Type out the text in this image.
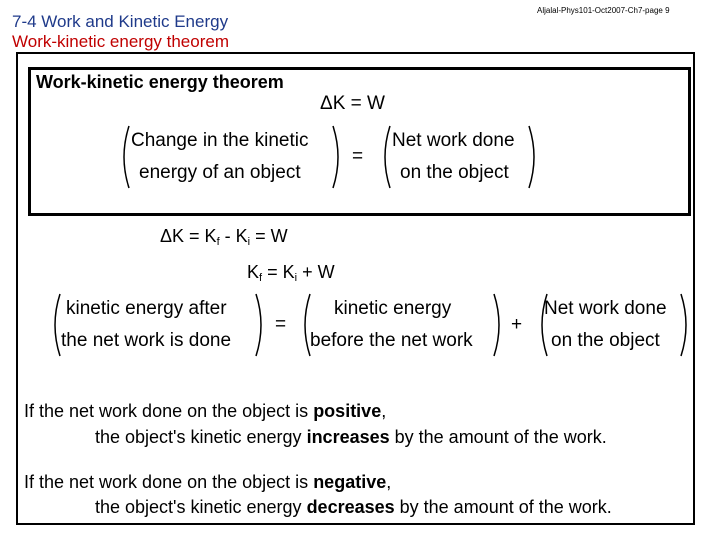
7-4 Work and Kinetic Energy
Work-kinetic energy theorem
Aljalal-Phys101-Oct2007-Ch7-page 9
Work-kinetic energy theorem
ΔK = W
Change in the kinetic
energy of an object
=
Net work done
on the object
$\Delta K = K_f - K_i = W$
$K_f = K_i + W$
kinetic energy after
the net work is done
=
kinetic energy
before the net work
+
Net work done
on the object
If the net work done on the object is positive,
the object's kinetic energy increases by the amount of the work.
If the net work done on the object is negative,
the object's kinetic energy decreases by the amount of the work.
